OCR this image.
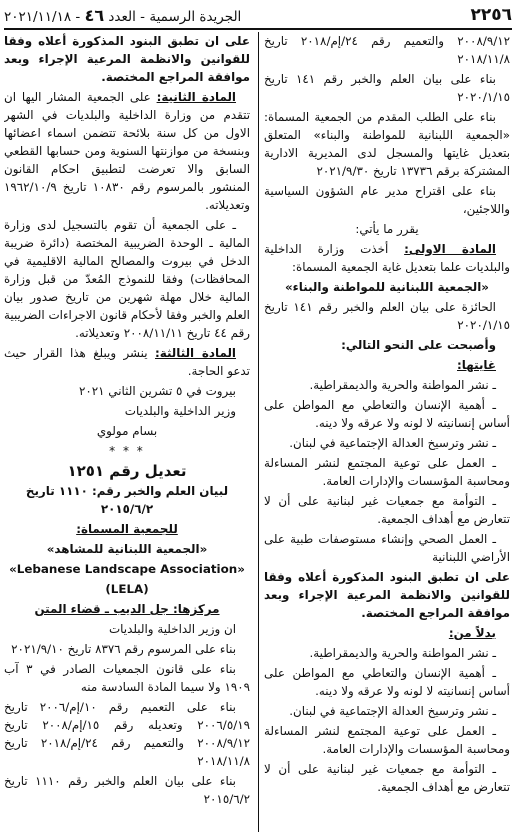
٢٢٥٦
الجريدة الرسمية - العدد ٤٦ - ٢٠٢١/١١/١٨

٢٠٠٨/٩/١٢ والتعميم رقم ٢٤/إم/٢٠١٨ تاريخ ٢٠١٨/١١/٨

بناء على بيان العلم والخبر رقم ١٤١ تاريخ ٢٠٢٠/١/١٥

بناء على الطلب المقدم من الجمعية المسماة: «الجمعية اللبنانية للمواطنة والبناء» المتعلق بتعديل غايتها والمسجل لدى المديرية الادارية المشتركة برقم ١٣٧٣٦ تاريخ ٢٠٢١/٩/٣٠

بناء على اقتراح مدير عام الشؤون السياسية واللاجئين،

يقرر ما يأتي:

المادة الاولى: أخذت وزارة الداخلية والبلديات علما بتعديل غاية الجمعية المسماة:

«الجمعية اللبنانية للمواطنة والبناء»

الحائزة على بيان العلم والخبر رقم ١٤١ تاريخ ٢٠٢٠/١/١٥

وأصبحت على النحو التالي:

غايتها:

ـ نشر المواطنة والحرية والديمقراطية.

ـ أهمية الإنسان والتعاطي مع المواطن على أساس إنسانيته لا لونه ولا عرقه ولا دينه.

ـ نشر وترسيخ العدالة الإجتماعية في لبنان.

ـ العمل على توعية المجتمع لنشر المساءلة ومحاسبة المؤسسات والإدارات العامة.

ـ التوأمة مع جمعيات غير لبنانية على أن لا تتعارض مع أهداف الجمعية.

ـ العمل الصحي وإنشاء مستوصفات طبية على الأراضي اللبنانية

على ان تطبق البنود المذكورة أعلاه وفقا للقوانين والانظمة المرعية الإجراء وبعد موافقة المراجع المختصة.

بدلاً من:

ـ نشر المواطنة والحرية والديمقراطية.

ـ أهمية الإنسان والتعاطي مع المواطن على أساس إنسانيته لا لونه ولا عرقه ولا دينه.

ـ نشر وترسيخ العدالة الإجتماعية في لبنان.

ـ العمل على توعية المجتمع لنشر المساءلة ومحاسبة المؤسسات والإدارات العامة.

ـ التوأمة مع جمعيات غير لبنانية على أن لا تتعارض مع أهداف الجمعية.

على ان تطبق البنود المذكورة أعلاه وفقا للقوانين والانظمة المرعية الإجراء وبعد موافقة المراجع المختصة.

المادة الثانية: على الجمعية المشار اليها ان تتقدم من وزارة الداخلية والبلديات في الشهر الاول من كل سنة بلائحة تتضمن اسماء اعضائها وبنسخة من موازنتها السنوية ومن حسابها القطعي السابق والا تعرضت لتطبيق احكام القانون المنشور بالمرسوم رقم ١٠٨٣٠ تاريخ ١٩٦٢/١٠/٩ وتعديلاته.

ـ على الجمعية أن تقوم بالتسجيل لدى وزارة المالية ـ الوحدة الضريبية المختصة (دائرة ضريبة الدخل في بيروت والمصالح المالية الاقليمية في المحافظات) وفقا للنموذج المُعدّ من قبل وزارة المالية خلال مهلة شهرين من تاريخ صدور بيان العلم والخبر وفقا لأحكام قانون الاجراءات الضريبية رقم ٤٤ تاريخ ٢٠٠٨/١١/١١ وتعديلاته.

المادة الثالثة: ينشر ويبلغ هذا القرار حيث تدعو الحاجة.

بيروت في ٥ تشرين الثاني ٢٠٢١

وزير الداخلية والبلديات

بسام مولوي

* * *

تعديل رقم ١٢٥١

لبيان العلم والخبر رقم: ١١١٠ تاريخ ٢٠١٥/٦/٢

للجمعية المسماة:

«الجمعية اللبنانية للمشاهد»

«Lebanese Landscape Association»

(LELA)

مركزها: جل الديب ـ قضاء المتن

ان وزير الداخلية والبلديات

بناء على المرسوم رقم ٨٣٧٦ تاريخ ٢٠٢١/٩/١٠

بناء على قانون الجمعيات الصادر في ٣ آب ١٩٠٩ ولا سيما المادة السادسة منه

بناء على التعميم رقم ١٠/إم/٢٠٠٦ تاريخ ٢٠٠٦/٥/١٩ وتعديله رقم ١٥/إم/٢٠٠٨ تاريخ ٢٠٠٨/٩/١٢ والتعميم رقم ٢٤/إم/٢٠١٨ تاريخ ٢٠١٨/١١/٨

بناء على بيان العلم والخبر رقم ١١١٠ تاريخ ٢٠١٥/٦/٢
